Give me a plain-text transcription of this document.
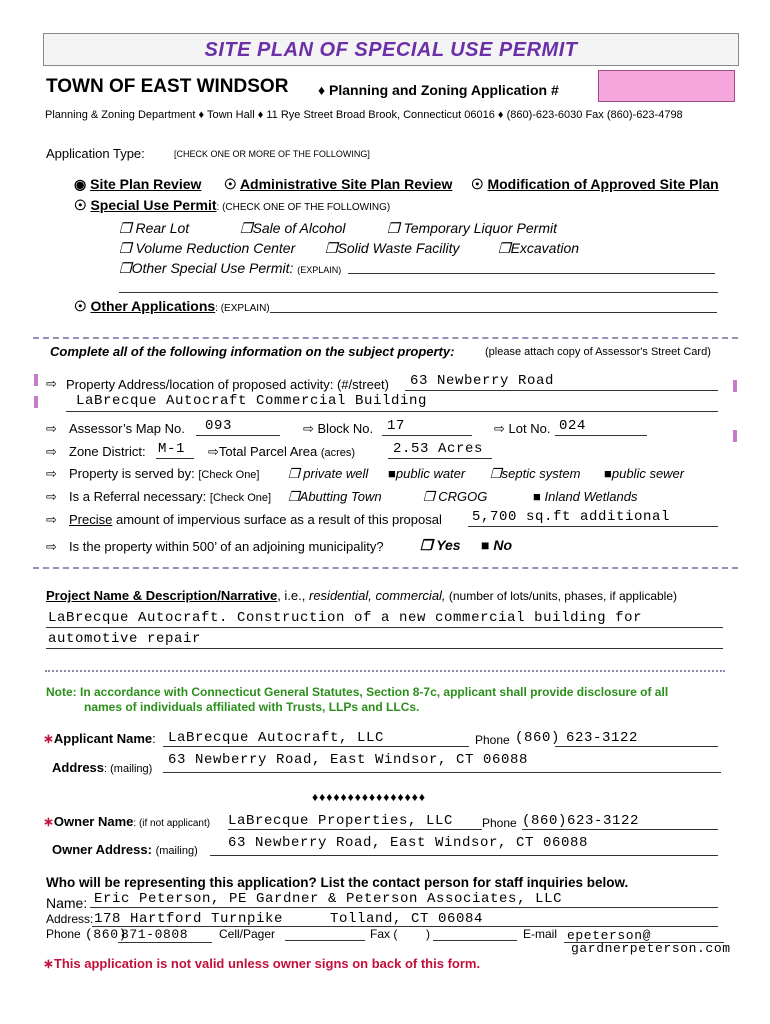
SITE PLAN OF SPECIAL USE PERMIT
TOWN OF EAST WINDSOR ♦ Planning and Zoning Application #
Planning & Zoning Department ♦ Town Hall ♦ 11 Rye Street Broad Brook, Connecticut 06016 ♦ (860)-623-6030 Fax (860)-623-4798
Application Type:	[CHECK ONE OR MORE OF THE FOLLOWING]
◉ Site Plan Review ☉ Administrative Site Plan Review ☉ Modification of Approved Site Plan
☉ Special Use Permit: (CHECK ONE OF THE FOLLOWING)
❒ Rear Lot	❒Sale of Alcohol	❒ Temporary Liquor Permit
❒ Volume Reduction Center ❒Solid Waste Facility	❒Excavation
❒Other Special Use Permit: (EXPLAIN)
☉ Other Applications: (EXPLAIN)
Complete all of the following information on the subject property:	(please attach copy of Assessor's Street Card)
⇨ Property Address/location of proposed activity: (#/street) 63 Newberry Road
LaBrecque Autocraft Commercial Building
⇨ Assessor’s Map No. 093	⇨ Block No. 17	⇨ Lot No. 024
⇨ Zone District: M-1 ⇨Total Parcel Area (acres)	2.53 Acres
⇨ Property is served by: [Check One] ❒ private well ■public water ❒septic system ■public sewer
⇨ Is a Referral necessary: [Check One] ❒Abutting Town	❒ CRGOG	■ Inland Wetlands
⇨ Precise amount of impervious surface as a result of this proposal 5,700 sq.ft additional
⇨ Is the property within 500’ of an adjoining municipality?	❒ Yes ■ No
Project Name & Description/Narrative, i.e., residential, commercial, (number of lots/units, phases, if applicable)
LaBrecque Autocraft. Construction of a new commercial building for
automotive repair
Note: In accordance with Connecticut General Statutes, Section 8-7c, applicant shall provide disclosure of all
names of individuals affiliated with Trusts, LLPs and LLCs.
∗Applicant Name: LaBrecque Autocraft, LLC	Phone (860) 623-3122
Address: (mailing)
63 Newberry Road, East Windsor, CT 06088
♦♦♦♦♦♦♦♦♦♦♦♦♦♦♦♦
∗Owner Name: (if not applicant) LaBrecque Properties, LLC Phone (860)623-3122
Owner Address: (mailing) 63 Newberry Road, East Windsor, CT 06088
Who will be representing this application? List the contact person for staff inquiries below.
Name: Eric Peterson, PE Gardner & Peterson Associates, LLC
Address: 178 Hartford Turnpike	Tolland, CT 06084
Phone (860)
871-0808	Cell/Pager	Fax ( )	E-mail epeterson@
gardnerpeterson.com
∗This application is not valid unless owner signs on back of this form.
